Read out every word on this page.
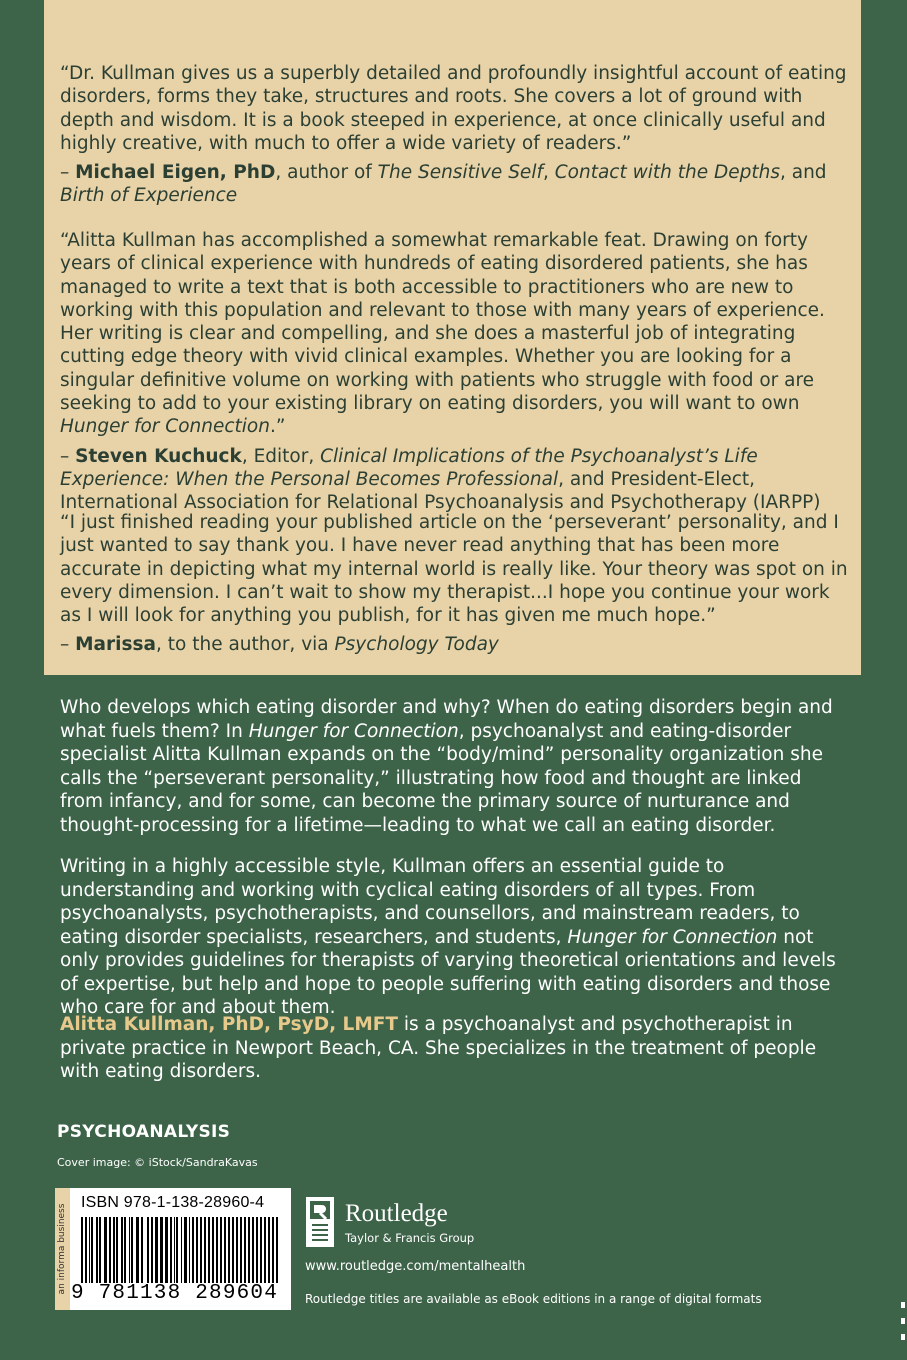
“Dr. Kullman gives us a superbly detailed and profoundly insightful account of eating disorders, forms they take, structures and roots. She covers a lot of ground with depth and wisdom. It is a book steeped in experience, at once clinically useful and highly creative, with much to offer a wide variety of readers.”

– Michael Eigen, PhD, author of The Sensitive Self, Contact with the Depths, and Birth of Experience

“Alitta Kullman has accomplished a somewhat remarkable feat. Drawing on forty years of clinical experience with hundreds of eating disordered patients, she has managed to write a text that is both accessible to practitioners who are new to working with this population and relevant to those with many years of experience. Her writing is clear and compelling, and she does a masterful job of integrating cutting edge theory with vivid clinical examples. Whether you are looking for a singular definitive volume on working with patients who struggle with food or are seeking to add to your existing library on eating disorders, you will want to own Hunger for Connection.”

– Steven Kuchuck, Editor, Clinical Implications of the Psychoanalyst’s Life Experience: When the Personal Becomes Professional, and President-Elect, International Association for Relational Psychoanalysis and Psychotherapy (IARPP)

“I just finished reading your published article on the ‘perseverant’ personality, and I just wanted to say thank you. I have never read anything that has been more accurate in depicting what my internal world is really like. Your theory was spot on in every dimension. I can’t wait to show my therapist...I hope you continue your work as I will look for anything you publish, for it has given me much hope.”

– Marissa, to the author, via Psychology Today

Who develops which eating disorder and why? When do eating disorders begin and what fuels them? In Hunger for Connection, psychoanalyst and eating-disorder specialist Alitta Kullman expands on the “body/mind” personality organization she calls the “perseverant personality,” illustrating how food and thought are linked from infancy, and for some, can become the primary source of nurturance and thought-processing for a lifetime—leading to what we call an eating disorder.

Writing in a highly accessible style, Kullman offers an essential guide to understanding and working with cyclical eating disorders of all types. From psychoanalysts, psychotherapists, and counsellors, and mainstream readers, to eating disorder specialists, researchers, and students, Hunger for Connection not only provides guidelines for therapists of varying theoretical orientations and levels of expertise, but help and hope to people suffering with eating disorders and those who care for and about them.

Alitta Kullman, PhD, PsyD, LMFT is a psychoanalyst and psychotherapist in private practice in Newport Beach, CA. She specializes in the treatment of people with eating disorders.

PSYCHOANALYSIS
Cover image: © iStock/SandraKavas
an informa business
ISBN 978-1-138-28960-4
9 781138 289604
Routledge
Taylor & Francis Group
www.routledge.com/mentalhealth
Routledge titles are available as eBook editions in a range of digital formats
